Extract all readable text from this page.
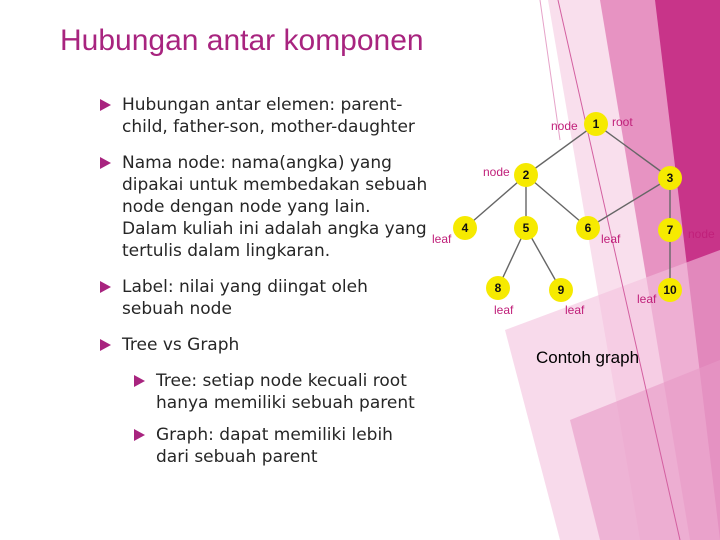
Hubungan antar komponen
Hubungan antar elemen: parent-child, father-son, mother-daughter
Nama node: nama(angka) yang dipakai untuk membedakan sebuah node dengan node yang lain. Dalam kuliah ini adalah angka yang tertulis dalam lingkaran.
Label: nilai yang diingat oleh sebuah node
Tree vs Graph
Tree: setiap node kecuali root hanya memiliki sebuah parent
Graph: dapat memiliki lebih dari sebuah parent
1
2	3
4	5	6	7
8	9	10
root
node
node
leaf	leaf	node
leaf	leaf
leaf
Contoh graph
